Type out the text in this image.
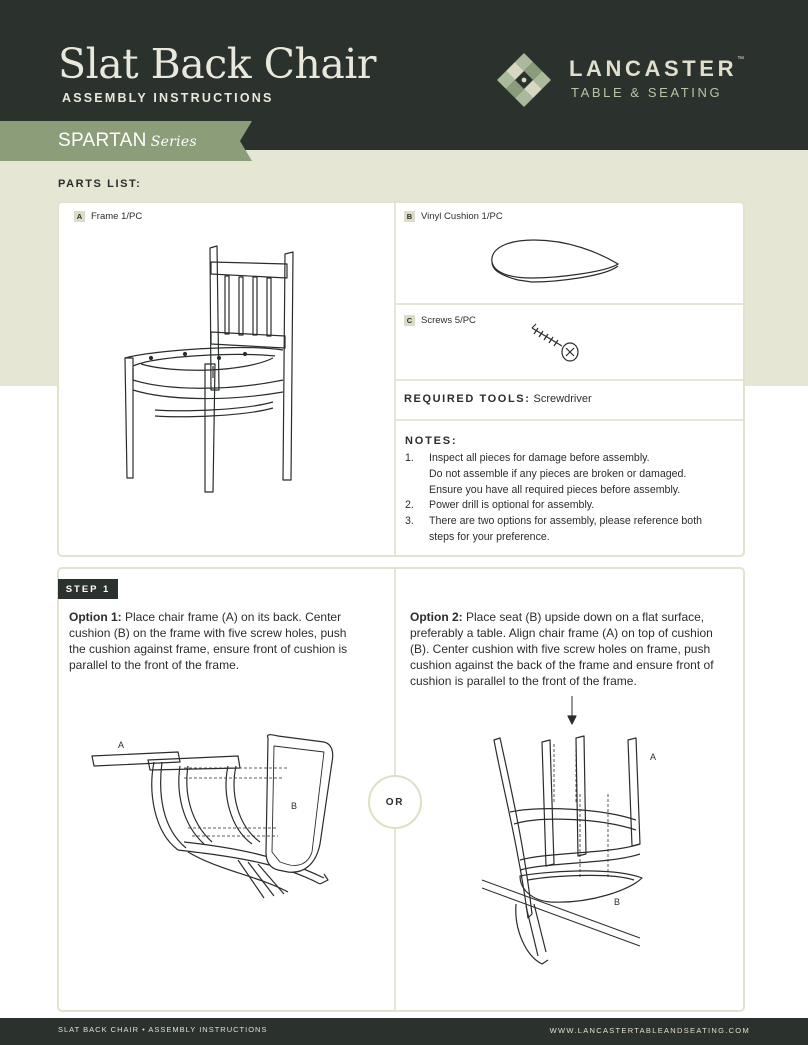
Slat Back Chair
ASSEMBLY INSTRUCTIONS
LANCASTER™
TABLE & SEATING
SPARTAN Series
PARTS LIST:
A Frame 1/PC	B Vinyl Cushion 1/PC
C Screws 5/PC
REQUIRED TOOLS: Screwdriver
NOTES:
1. Inspect all pieces for damage before assembly.
Do not assemble if any pieces are broken or damaged.
Ensure you have all required pieces before assembly.
2. Power drill is optional for assembly.
3. There are two options for assembly, please reference both
steps for your preference.
STEP 1
Option 1: Place chair frame (A) on its back. Center
cushion (B) on the frame with five screw holes, push
the cushion against frame, ensure front of cushion is
parallel to the front of the frame.
Option 2: Place seat (B) upside down on a flat surface,
preferably a table. Align chair frame (A) on top of cushion
(B). Center cushion with five screw holes on frame, push
cushion against the back of the frame and ensure front of
cushion is parallel to the front of the frame.
A
B	OR
A
B
SLAT BACK CHAIR • ASSEMBLY INSTRUCTIONS	WWW.LANCASTERTABLEANDSEATING.COM
